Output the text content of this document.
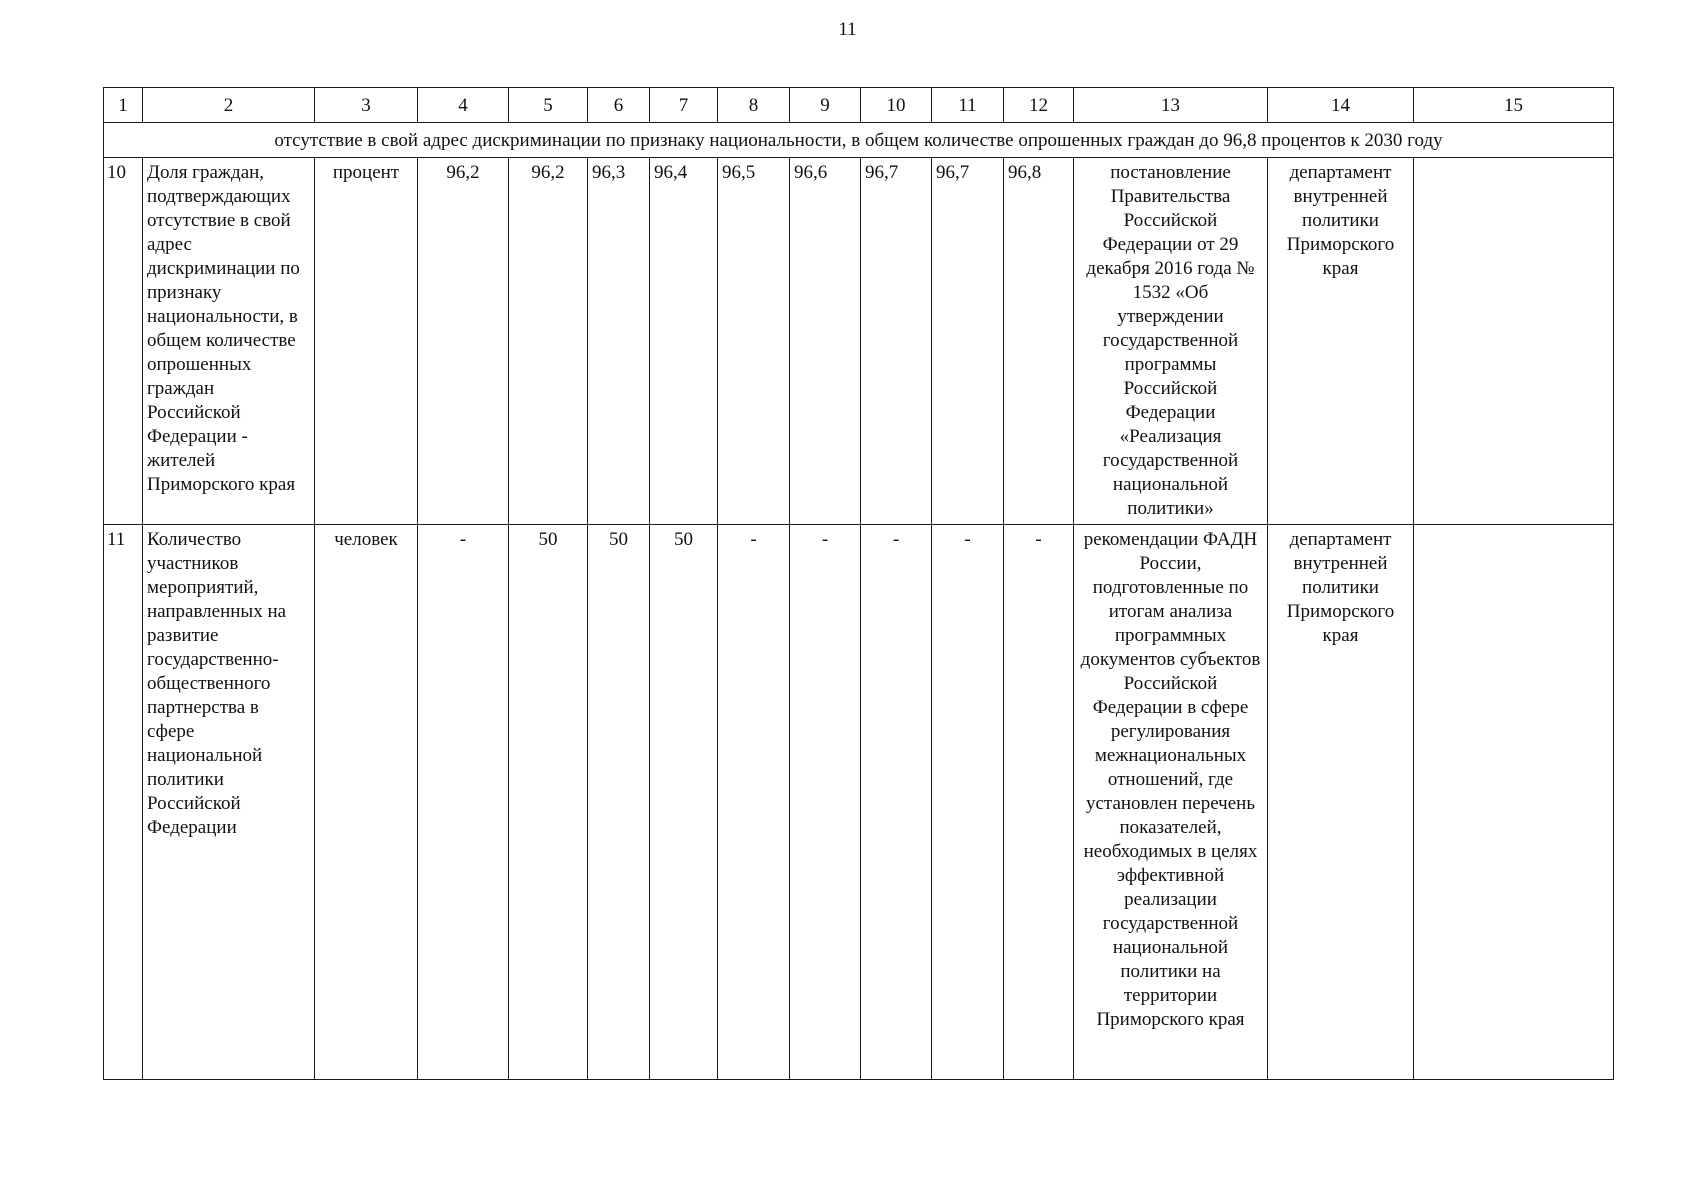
11
1	2	3	4	5	6	7	8	9	10	11	12	13	14	15
отсутствие в свой адрес дискриминации по признаку национальности, в общем количестве опрошенных граждан до 96,8 процентов к 2030 году														
10	Доля граждан, подтверждающих отсутствие в свой адрес дискриминации по признаку национальности, в общем количестве опрошенных граждан Российской Федерации - жителей Приморского края	процент	96,2	96,2	96,3	96,4	96,5	96,6	96,7	96,7	96,8	постановление Правительства Российской Федерации от 29 декабря 2016 года № 1532 «Об утверждении государственной программы Российской Федерации «Реализация государственной национальной политики»	департамент внутренней политики Приморского края	
11	Количество участников мероприятий, направленных на развитие государственно-общественного партнерства в сфере национальной политики Российской Федерации	человек	-	50	50	50	-	-	-	-	-	рекомендации ФАДН России, подготовленные по итогам анализа программных документов субъектов Российской Федерации в сфере регулирования межнациональных отношений, где установлен перечень показателей, необходимых в целях эффективной реализации государственной национальной политики на территории Приморского края	департамент внутренней политики Приморского края	
